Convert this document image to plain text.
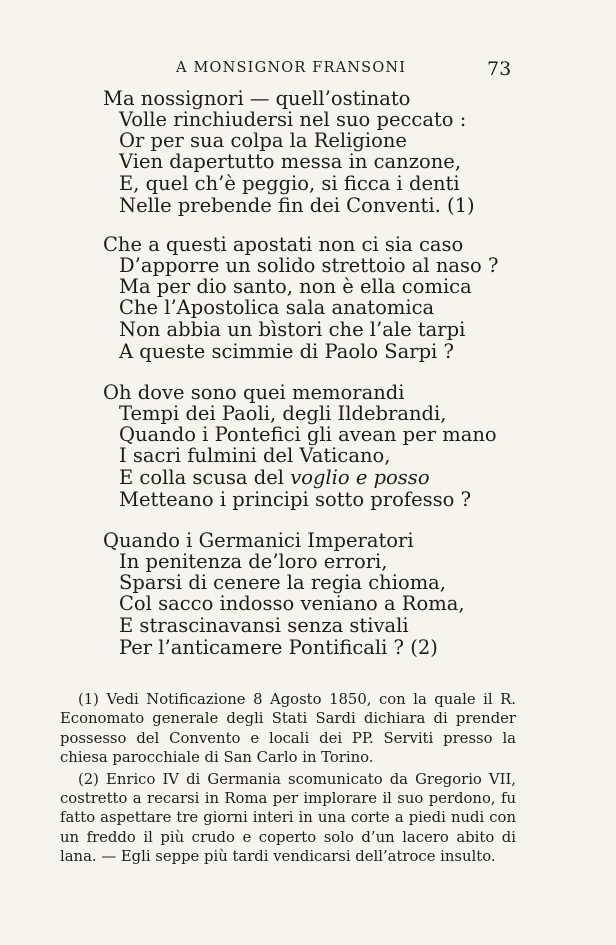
A MONSIGNOR FRANSONI	73
Ma nossignori — quell’ostinato
Volle rinchiudersi nel suo peccato :
Or per sua colpa la Religione
Vien dapertutto messa in canzone,
E, quel ch’è peggio, si ficca i denti
Nelle prebende fin dei Conventi. (1)
Che a questi apostati non ci sia caso
D’apporre un solido strettoio al naso ?
Ma per dio santo, non è ella comica
Che l’Apostolica sala anatomica
Non abbia un bìstori che l’ale tarpi
A queste scimmie di Paolo Sarpi ?
Oh dove sono quei memorandi
Tempi dei Paoli, degli Ildebrandi,
Quando i Pontefici gli avean per mano
I sacri fulmini del Vaticano,
E colla scusa del voglio e posso
Metteano i principi sotto professo ?
Quando i Germanici Imperatori
In penitenza de’loro errori,
Sparsi di cenere la regia chioma,
Col sacco indosso veniano a Roma,
E strascinavansi senza stivali
Per l’anticamere Pontificali ? (2)

(1) Vedi Notificazione 8 Agosto 1850, con la quale il R. Economato generale degli Stati Sardi dichiara di prender possesso del Convento e locali dei PP. Serviti presso la chiesa parocchiale di San Carlo in Torino.

(2) Enrico IV di Germania scomunicato da Gregorio VII, costretto a recarsi in Roma per implorare il suo perdono, fu fatto aspettare tre giorni interi in una corte a piedi nudi con un freddo il più crudo e coperto solo d’un lacero abito di lana. — Egli seppe più tardi vendicarsi dell’atroce insulto.
